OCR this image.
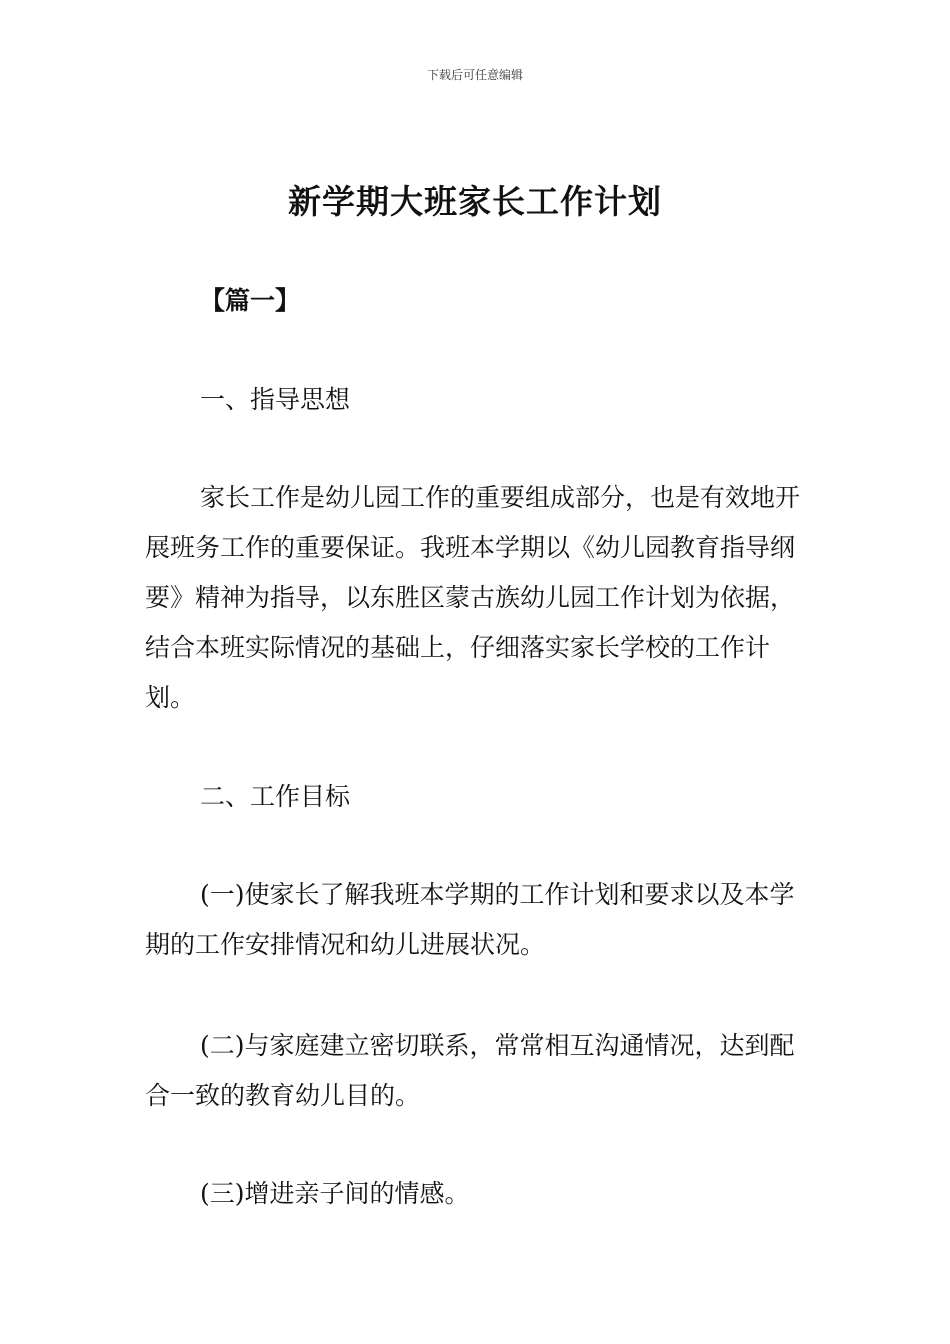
下载后可任意编辑
新学期大班家长工作计划

【篇一】

一、指导思想

家长工作是幼儿园工作的重要组成部分，也是有效地开展班务工作的重要保证。我班本学期以《幼儿园教育指导纲要》精神为指导，以东胜区蒙古族幼儿园工作计划为依据，结合本班实际情况的基础上，仔细落实家长学校的工作计划。

二、工作目标

(一)使家长了解我班本学期的工作计划和要求以及本学期的工作安排情况和幼儿进展状况。

(二)与家庭建立密切联系，常常相互沟通情况，达到配合一致的教育幼儿目的。

(三)增进亲子间的情感。
